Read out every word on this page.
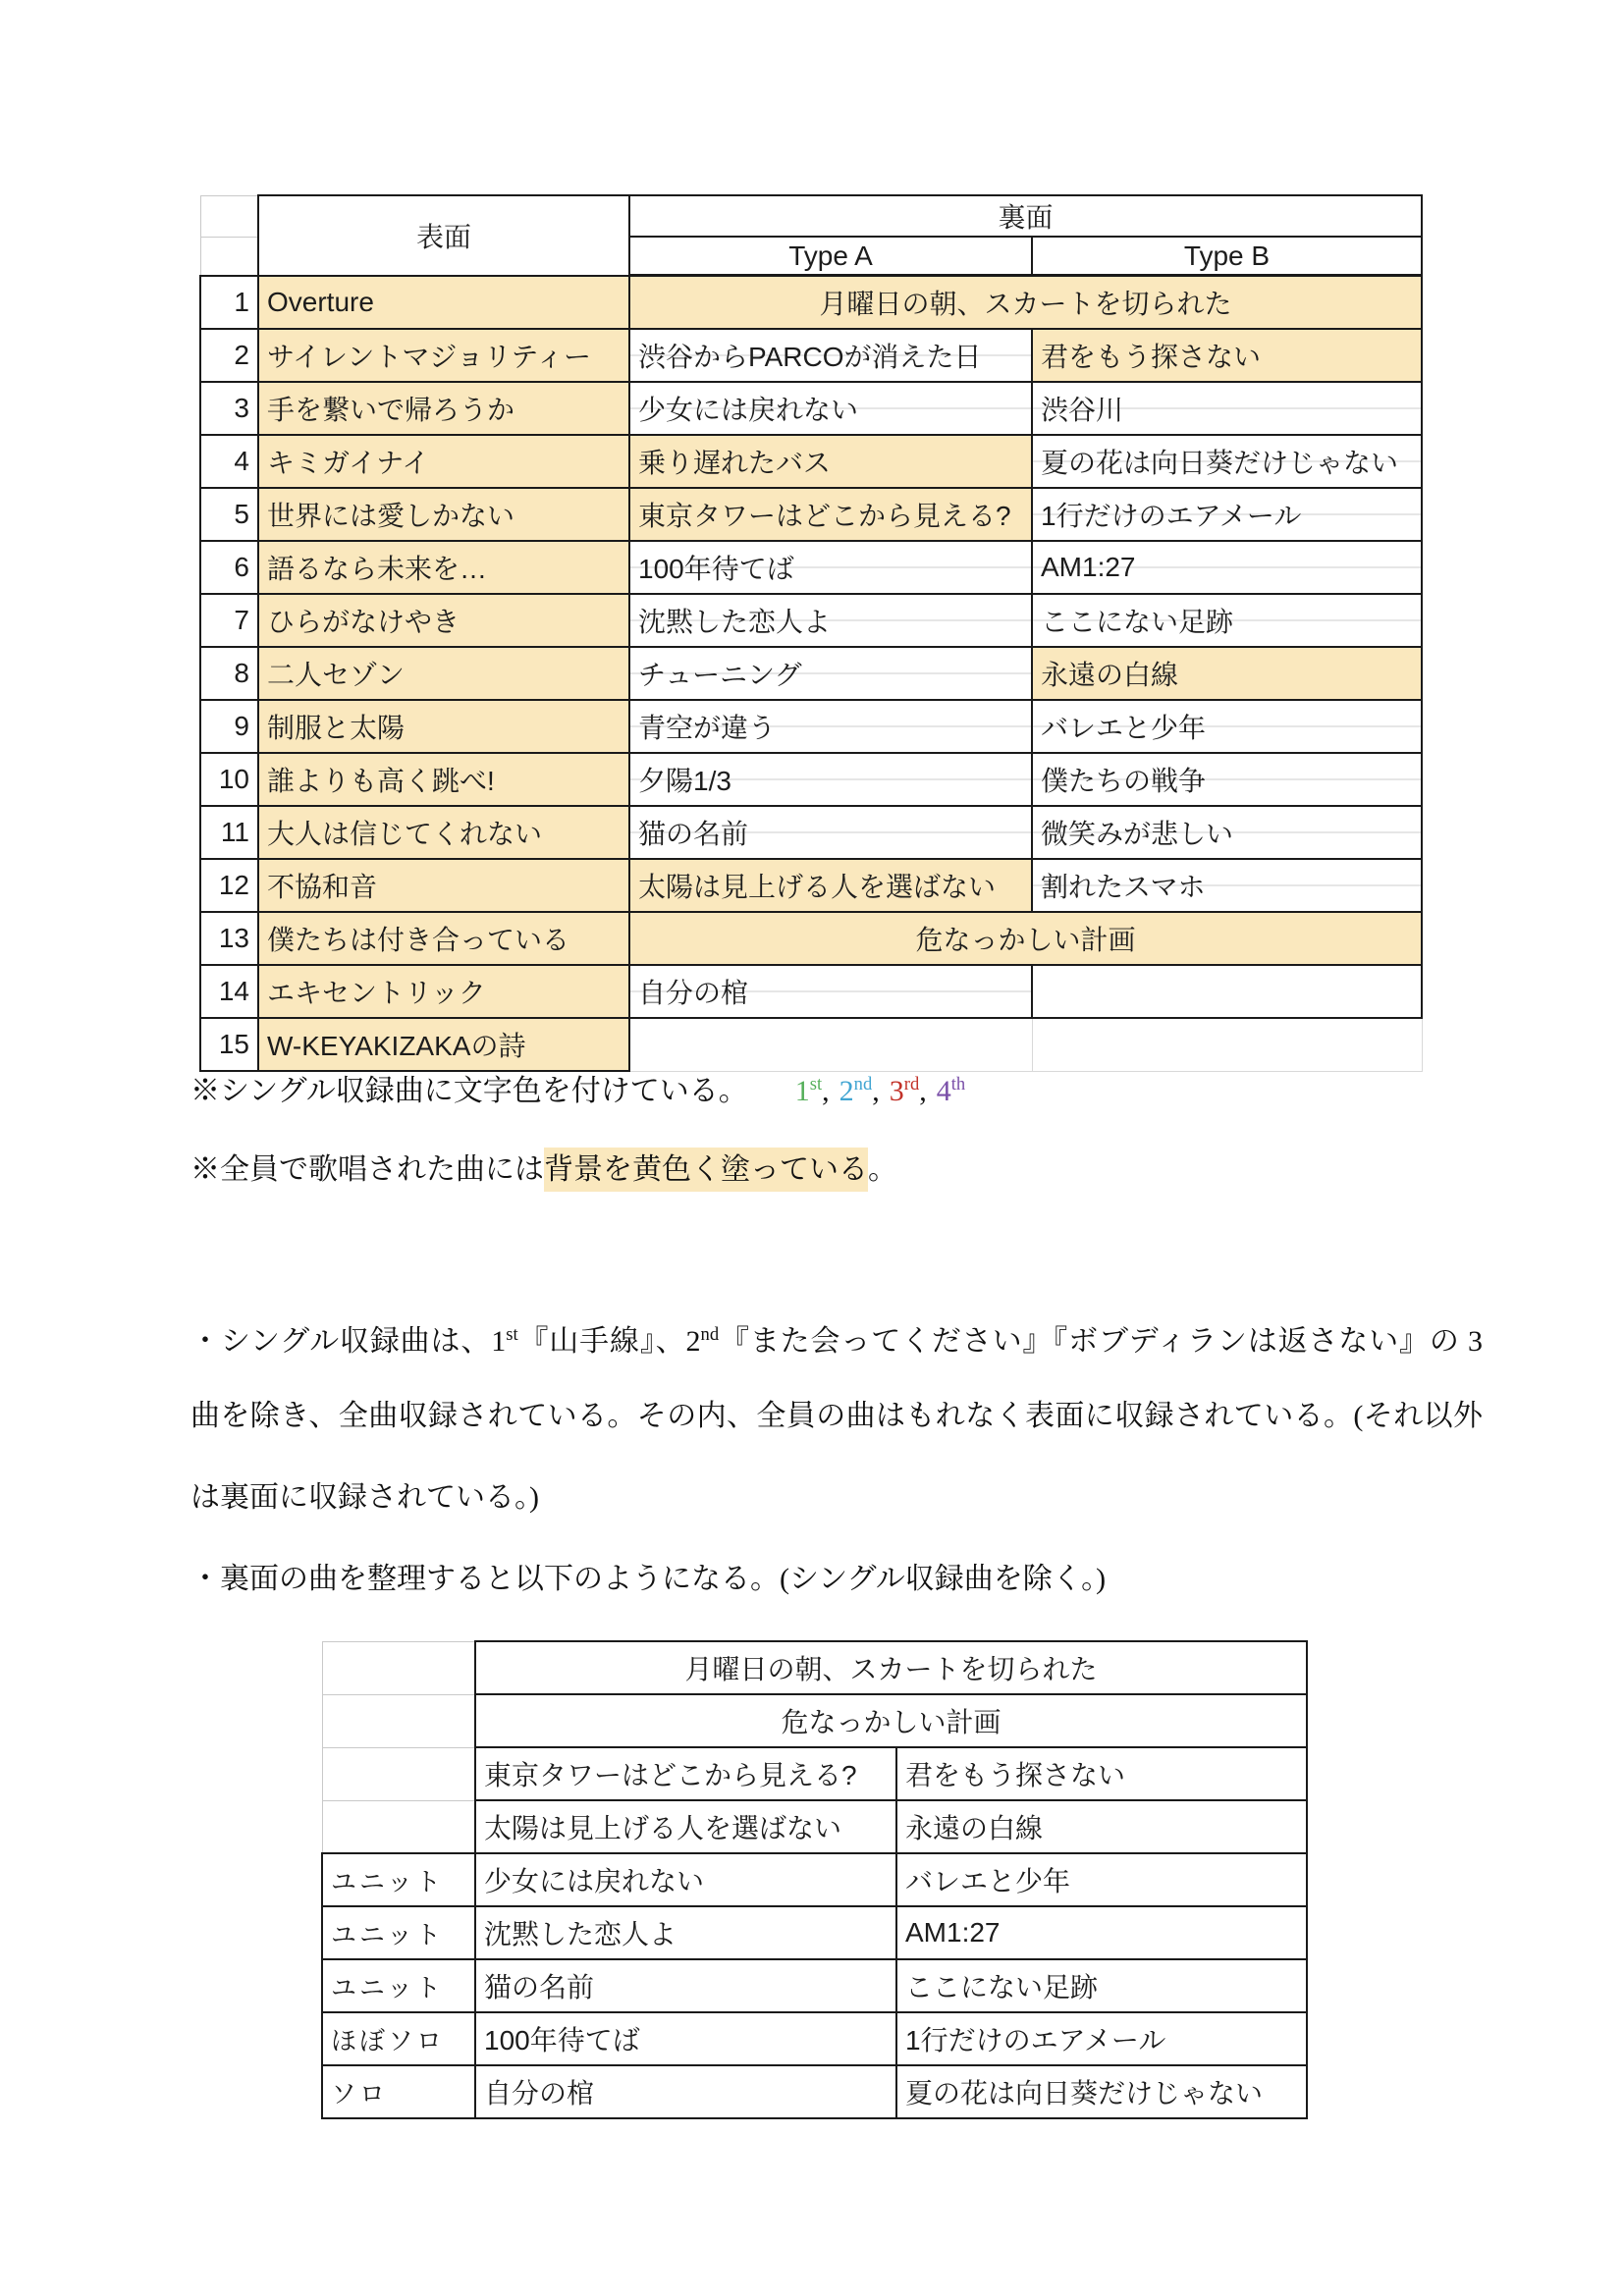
	表面	裏面	
		Type A	Type B
1	Overture	月曜日の朝、スカートを切られた	
2	サイレントマジョリティー	渋谷からPARCOが消えた日	君をもう探さない
3	手を繋いで帰ろうか	少女には戻れない	渋谷川
4	キミガイナイ	乗り遅れたバス	夏の花は向日葵だけじゃない
5	世界には愛しかない	東京タワーはどこから見える?	1行だけのエアメール
6	語るなら未来を…	100年待てば	AM1:27
7	ひらがなけやき	沈黙した恋人よ	ここにない足跡
8	二人セゾン	チューニング	永遠の白線
9	制服と太陽	青空が違う	バレエと少年
10	誰よりも高く跳べ!	夕陽1/3	僕たちの戦争
11	大人は信じてくれない	猫の名前	微笑みが悲しい
12	不協和音	太陽は見上げる人を選ばない	割れたスマホ
13	僕たちは付き合っている	危なっかしい計画	
14	エキセントリック	自分の棺	
15	W-KEYAKIZAKAの詩		
※シングル収録曲に文字色を付けている。 1st, 2nd, 3rd, 4th
※全員で歌唱された曲には背景を黄色く塗っている。
・シングル収録曲は、1st『山手線』、2nd『また会ってください』『ボブディランは返さない』の 3
曲を除き、全曲収録されている。その内、全員の曲はもれなく表面に収録されている。(それ以外
は裏面に収録されている。)
・裏面の曲を整理すると以下のようになる。(シングル収録曲を除く。)
	月曜日の朝、スカートを切られた	
	危なっかしい計画	
	東京タワーはどこから見える?	君をもう探さない
	太陽は見上げる人を選ばない	永遠の白線
ユニット	少女には戻れない	バレエと少年
ユニット	沈黙した恋人よ	AM1:27
ユニット	猫の名前	ここにない足跡
ほぼソロ	100年待てば	1行だけのエアメール
ソロ	自分の棺	夏の花は向日葵だけじゃない
